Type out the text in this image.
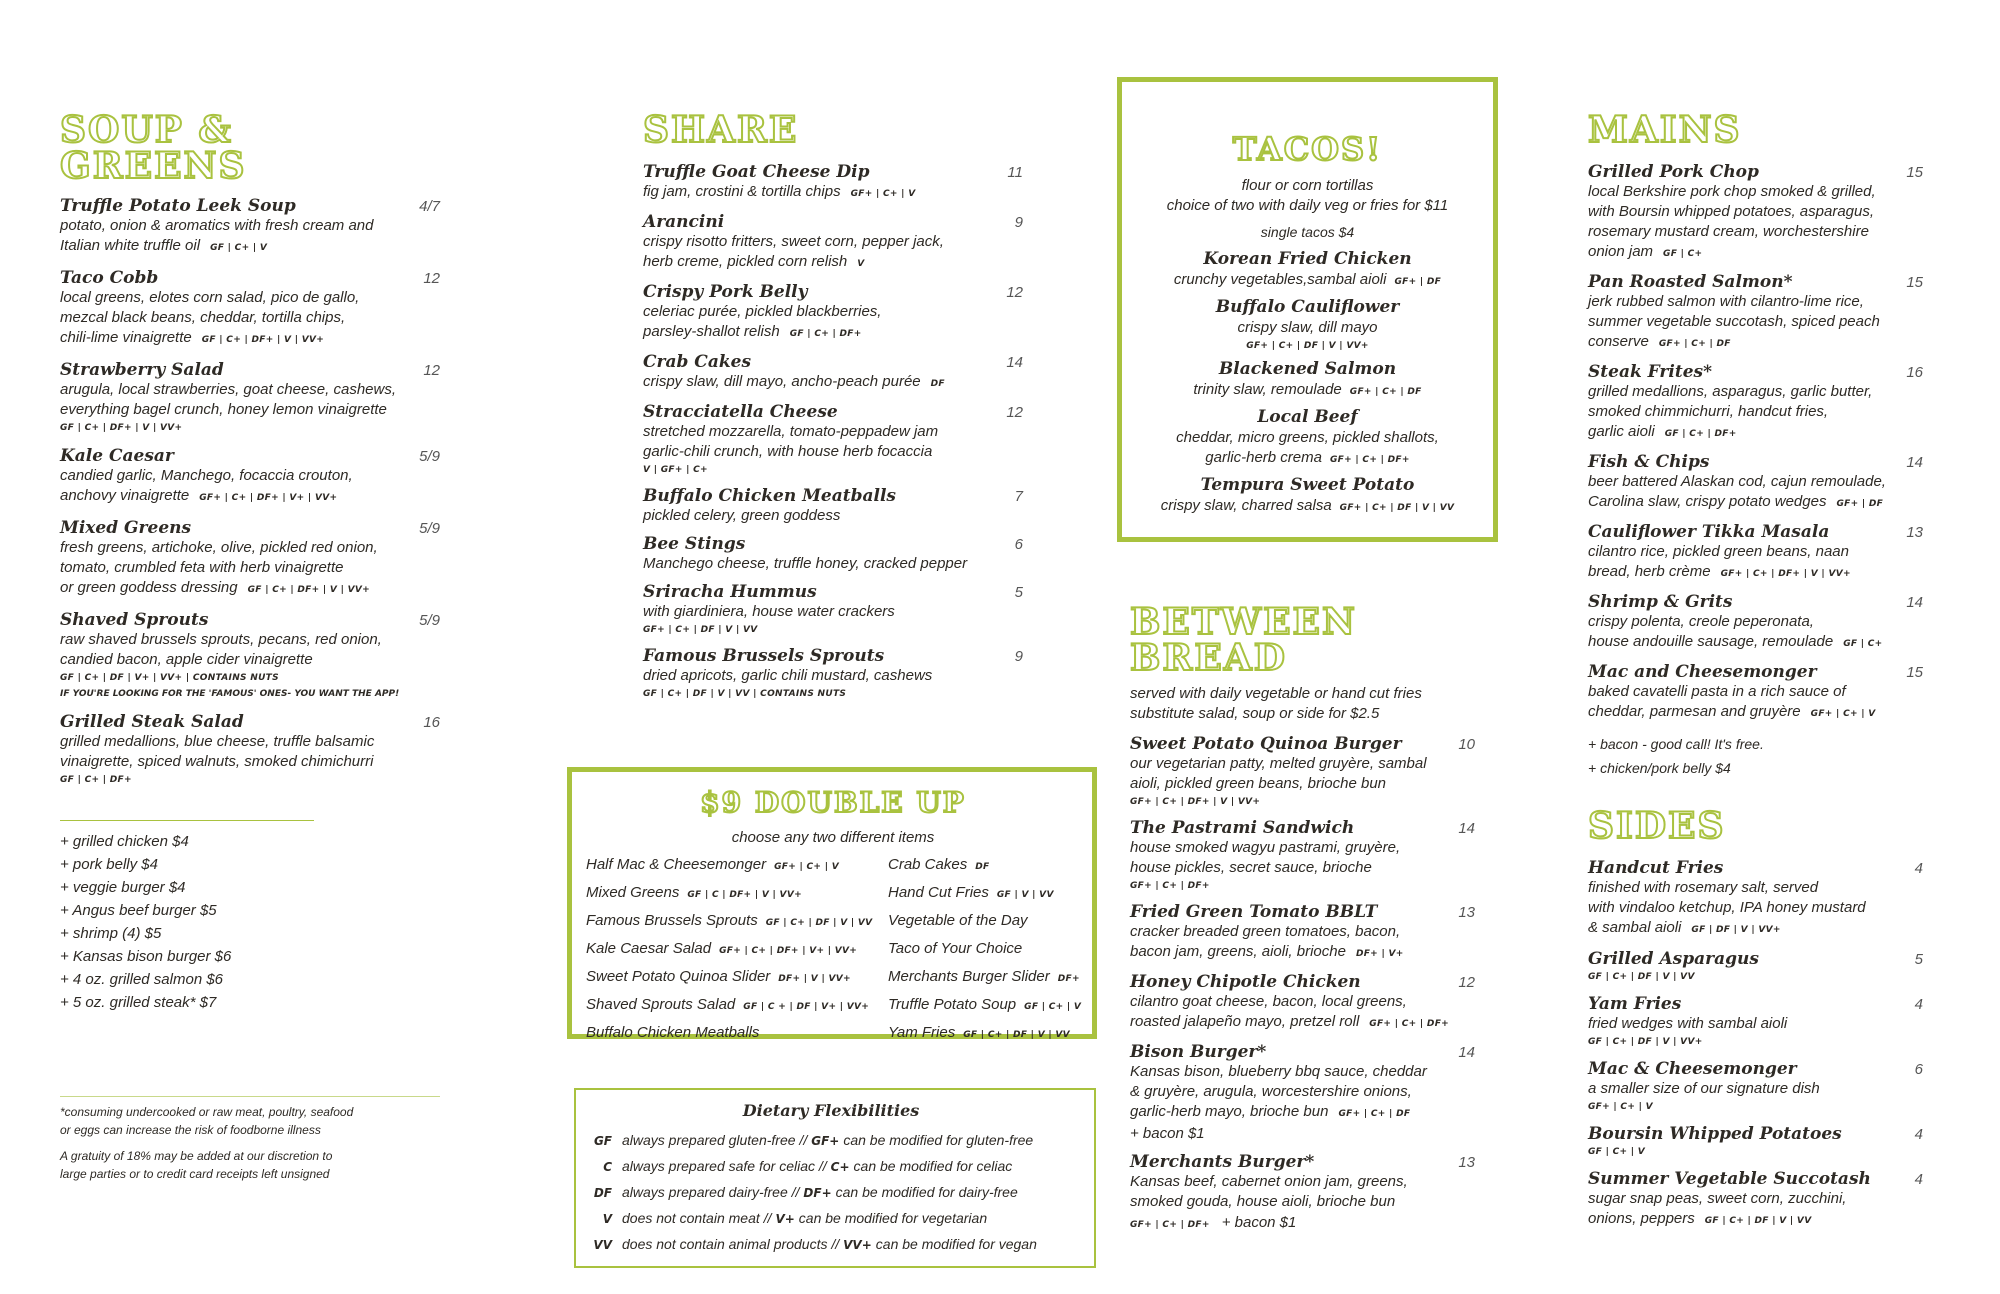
SOUP &
GREENS
Truffle Potato Leek Soup	4/7
potato, onion & aromatics with fresh cream and
Italian white truffle oil GF | C+ | V

Taco Cobb	12
local greens, elotes corn salad, pico de gallo,
mezcal black beans, cheddar, tortilla chips,
chili-lime vinaigrette GF | C+ | DF+ | V | VV+

Strawberry Salad	12
arugula, local strawberries, goat cheese, cashews,
everything bagel crunch, honey lemon vinaigrette

GF | C+ | DF+ | V | VV+
Kale Caesar	5/9
candied garlic, Manchego, focaccia crouton,
anchovy vinaigrette GF+ | C+ | DF+ | V+ | VV+

Mixed Greens	5/9
fresh greens, artichoke, olive, pickled red onion,
tomato, crumbled feta with herb vinaigrette
or green goddess dressing GF | C+ | DF+ | V | VV+

Shaved Sprouts	5/9
raw shaved brussels sprouts, pecans, red onion,
candied bacon, apple cider vinaigrette

GF | C+ | DF | V+ | VV+ | CONTAINS NUTS
IF YOU'RE LOOKING FOR THE 'FAMOUS' ONES- YOU WANT THE APP!
Grilled Steak Salad	16
grilled medallions, blue cheese, truffle balsamic
vinaigrette, spiced walnuts, smoked chimichurri

GF | C+ | DF+
+ grilled chicken $4
+ pork belly $4
+ veggie burger $4
+ Angus beef burger $5
+ shrimp (4) $5
+ Kansas bison burger $6
+ 4 oz. grilled salmon $6
+ 5 oz. grilled steak* $7
*consuming undercooked or raw meat, poultry, seafood
or eggs can increase the risk of foodborne illness
A gratuity of 18% may be added at our discretion to
large parties or to credit card receipts left unsigned
SHARE
Truffle Goat Cheese Dip	11
fig jam, crostini & tortilla chips GF+ | C+ | V

Arancini	9
crispy risotto fritters, sweet corn, pepper jack,
herb creme, pickled corn relish V

Crispy Pork Belly	12
celeriac purée, pickled blackberries,
parsley-shallot relish GF | C+ | DF+

Crab Cakes	14
crispy slaw, dill mayo, ancho-peach purée DF

Stracciatella Cheese	12
stretched mozzarella, tomato-peppadew jam
garlic-chili crunch, with house herb focaccia

V | GF+ | C+
Buffalo Chicken Meatballs	7
pickled celery, green goddess

Bee Stings	6
Manchego cheese, truffle honey, cracked pepper

Sriracha Hummus	5
with giardiniera, house water crackers

GF+ | C+ | DF | V | VV
Famous Brussels Sprouts	9
dried apricots, garlic chili mustard, cashews

GF | C+ | DF | V | VV | CONTAINS NUTS
$9 DOUBLE UP
choose any two different items
Half Mac & Cheesemonger GF+ | C+ | V	Crab Cakes DF
Mixed Greens GF | C | DF+ | V | VV+	Hand Cut Fries GF | V | VV
Famous Brussels Sprouts GF | C+ | DF | V | VV	Vegetable of the Day
Kale Caesar Salad GF+ | C+ | DF+ | V+ | VV+	Taco of Your Choice
Sweet Potato Quinoa Slider DF+ | V | VV+	Merchants Burger Slider DF+
Shaved Sprouts Salad GF | C + | DF | V+ | VV+	Truffle Potato Soup GF | C+ | V
Buffalo Chicken Meatballs	Yam Fries GF | C+ | DF | V | VV
Dietary Flexibilities
GF always prepared gluten-free // GF+ can be modified for gluten-free
C always prepared safe for celiac // C+ can be modified for celiac
DF always prepared dairy-free // DF+ can be modified for dairy-free
V does not contain meat // V+ can be modified for vegetarian
VV does not contain animal products // VV+ can be modified for vegan
TACOS!
flour or corn tortillas
choice of two with daily veg or fries for $11
single tacos $4
Korean Fried Chicken
crunchy vegetables,sambal aioli GF+ | DF
Buffalo Cauliflower
crispy slaw, dill mayo
GF+ | C+ | DF | V | VV+
Blackened Salmon
trinity slaw, remoulade GF+ | C+ | DF
Local Beef
cheddar, micro greens, pickled shallots,
garlic-herb crema GF+ | C+ | DF+
Tempura Sweet Potato
crispy slaw, charred salsa GF+ | C+ | DF | V | VV
BETWEEN
BREAD
served with daily vegetable or hand cut fries
substitute salad, soup or side for $2.5
Sweet Potato Quinoa Burger	10
our vegetarian patty, melted gruyère, sambal
aioli, pickled green beans, brioche bun

GF+ | C+ | DF+ | V | VV+
The Pastrami Sandwich	14
house smoked wagyu pastrami, gruyère,
house pickles, secret sauce, brioche

GF+ | C+ | DF+
Fried Green Tomato BBLT	13
cracker breaded green tomatoes, bacon,
bacon jam, greens, aioli, brioche DF+ | V+

Honey Chipotle Chicken	12
cilantro goat cheese, bacon, local greens,
roasted jalapeño mayo, pretzel roll GF+ | C+ | DF+

Bison Burger*	14
Kansas bison, blueberry bbq sauce, cheddar
& gruyère, arugula, worcestershire onions,
garlic-herb mayo, brioche bun GF+ | C+ | DF

+ bacon $1
Merchants Burger*	13
Kansas beef, cabernet onion jam, greens,
smoked gouda, house aioli, brioche bun

GF+ | C+ | DF+ + bacon $1
MAINS
Grilled Pork Chop	15
local Berkshire pork chop smoked & grilled,
with Boursin whipped potatoes, asparagus,
rosemary mustard cream, worchestershire
onion jam GF | C+

Pan Roasted Salmon*	15
jerk rubbed salmon with cilantro-lime rice,
summer vegetable succotash, spiced peach
conserve GF+ | C+ | DF

Steak Frites*	16
grilled medallions, asparagus, garlic butter,
smoked chimmichurri, handcut fries,
garlic aioli GF | C+ | DF+

Fish & Chips	14
beer battered Alaskan cod, cajun remoulade,
Carolina slaw, crispy potato wedges GF+ | DF

Cauliflower Tikka Masala	13
cilantro rice, pickled green beans, naan
bread, herb crème GF+ | C+ | DF+ | V | VV+

Shrimp & Grits	14
crispy polenta, creole peperonata,
house andouille sausage, remoulade GF | C+

Mac and Cheesemonger	15
baked cavatelli pasta in a rich sauce of
cheddar, parmesan and gruyère GF+ | C+ | V

+ bacon - good call! It's free.
+ chicken/pork belly $4
SIDES
Handcut Fries	4
finished with rosemary salt, served
with vindaloo ketchup, IPA honey mustard
& sambal aioli GF | DF | V | VV+

Grilled Asparagus	5
GF | C+ | DF | V | VV
Yam Fries	4
fried wedges with sambal aioli

GF | C+ | DF | V | VV+
Mac & Cheesemonger	6
a smaller size of our signature dish

GF+ | C+ | V
Boursin Whipped Potatoes	4
GF | C+ | V
Summer Vegetable Succotash	4
sugar snap peas, sweet corn, zucchini,
onions, peppers GF | C+ | DF | V | VV
